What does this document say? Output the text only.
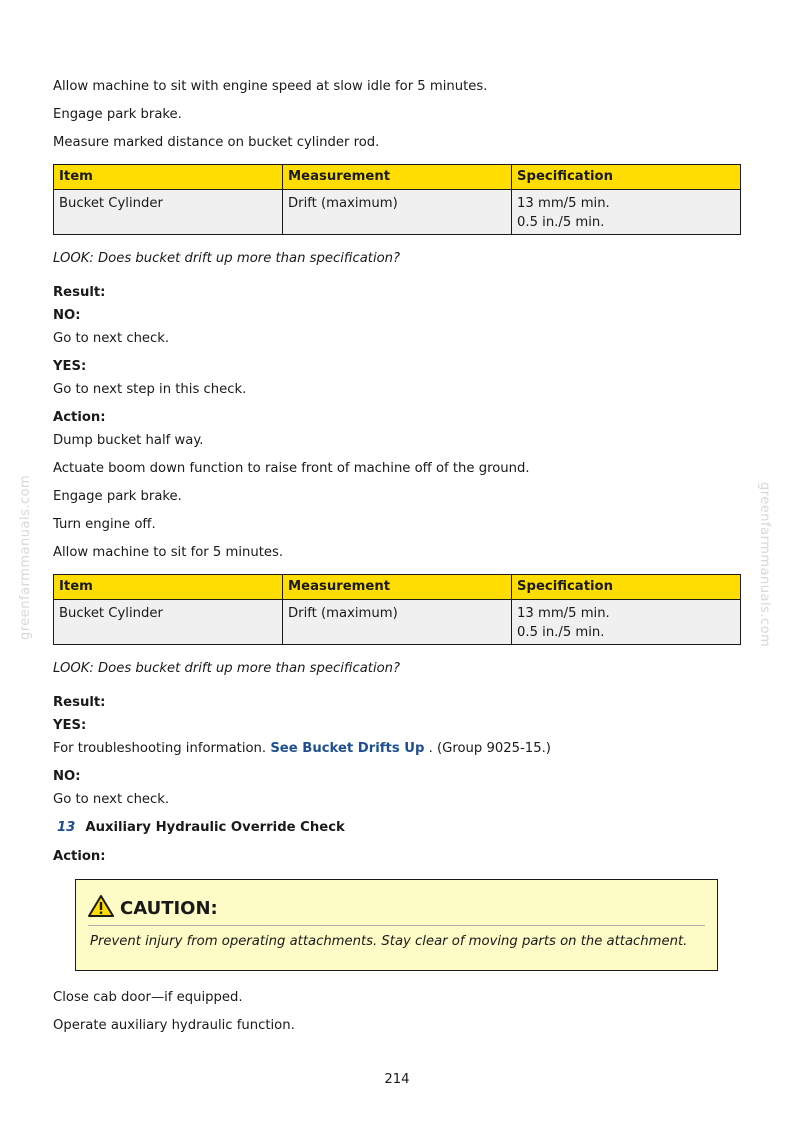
Allow machine to sit with engine speed at slow idle for 5 minutes.
Engage park brake.
Measure marked distance on bucket cylinder rod.
Item	Measurement	Specification
Bucket Cylinder	Drift (maximum)	13 mm/5 min.
0.5 in./5 min.
LOOK: Does bucket drift up more than specification?
Result:
NO:
Go to next check.
YES:
Go to next step in this check.
Action:
Dump bucket half way.
Actuate boom down function to raise front of machine off of the ground.
Engage park brake.
Turn engine off.
Allow machine to sit for 5 minutes.
Item	Measurement	Specification
Bucket Cylinder	Drift (maximum)	13 mm/5 min.
0.5 in./5 min.
LOOK: Does bucket drift up more than specification?
Result:
YES:
For troubleshooting information. See Bucket Drifts Up . (Group 9025-15.)
NO:
Go to next check.
13 Auxiliary Hydraulic Override Check
Action:
Close cab door—if equipped.
Operate auxiliary hydraulic function.
CAUTION:
Prevent injury from operating attachments. Stay clear of moving parts on the attachment.
greenfarmmanuals.com	greenfarmmanuals.com
214
